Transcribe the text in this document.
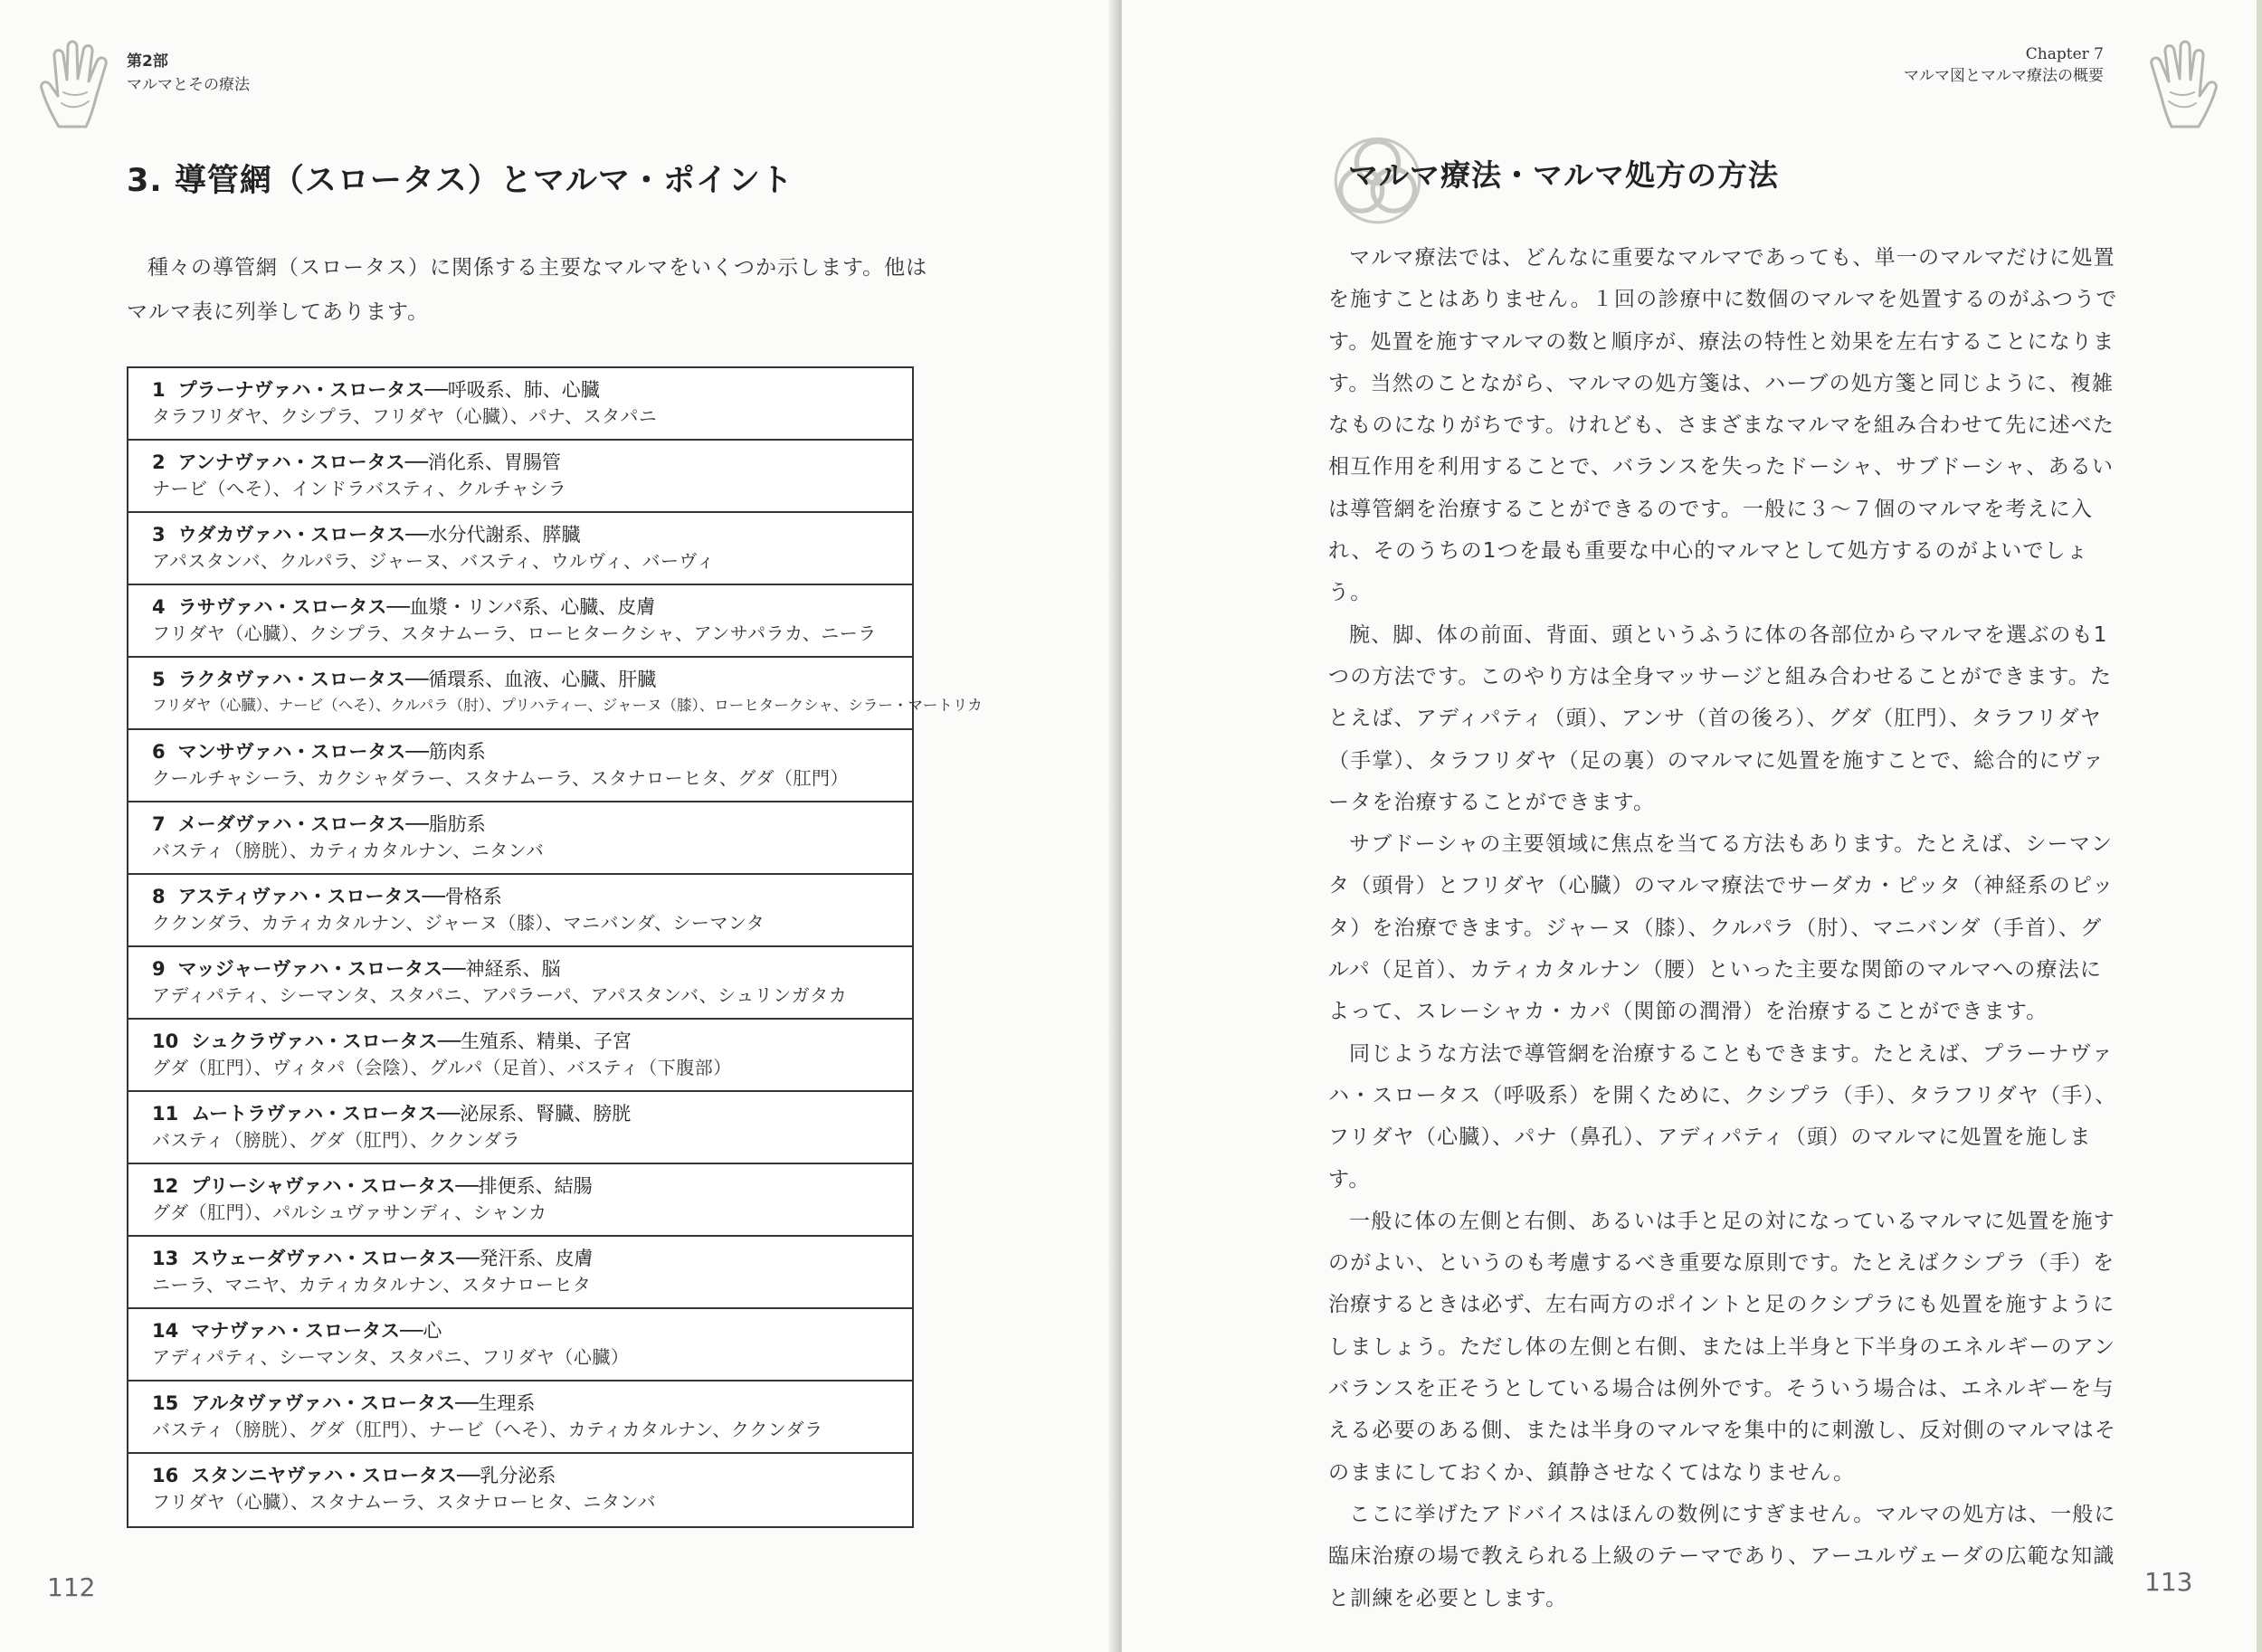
第2部
マルマとその療法
3. 導管網（スロータス）とマルマ・ポイント

種々の導管網（スロータス）に関係する主要なマルマをいくつか示します。他はマルマ表に列挙してあります。

1 プラーナヴァハ・スロータス──呼吸系、肺、心臓
タラフリダヤ、クシプラ、フリダヤ（心臓）、パナ、スタパニ
2 アンナヴァハ・スロータス──消化系、胃腸管
ナービ（へそ）、インドラバスティ、クルチャシラ
3 ウダカヴァハ・スロータス──水分代謝系、膵臓
アパスタンバ、クルパラ、ジャーヌ、バスティ、ウルヴィ、バーヴィ
4 ラサヴァハ・スロータス──血漿・リンパ系、心臓、皮膚
フリダヤ（心臓）、クシプラ、スタナムーラ、ローヒタークシャ、アンサパラカ、ニーラ
5 ラクタヴァハ・スロータス──循環系、血液、心臓、肝臓
フリダヤ（心臓）、ナービ（へそ）、クルパラ（肘）、プリハティー、ジャーヌ（膝）、ローヒタークシャ、シラー・マートリカ
6 マンサヴァハ・スロータス──筋肉系
クールチャシーラ、カクシャダラー、スタナムーラ、スタナローヒタ、グダ（肛門）
7 メーダヴァハ・スロータス──脂肪系
バスティ（膀胱）、カティカタルナン、ニタンバ
8 アスティヴァハ・スロータス──骨格系
ククンダラ、カティカタルナン、ジャーヌ（膝）、マニバンダ、シーマンタ
9 マッジャーヴァハ・スロータス──神経系、脳
アディパティ、シーマンタ、スタパニ、アパラーパ、アパスタンバ、シュリンガタカ
10 シュクラヴァハ・スロータス──生殖系、精巣、子宮
グダ（肛門）、ヴィタパ（会陰）、グルパ（足首）、バスティ（下腹部）
11 ムートラヴァハ・スロータス──泌尿系、腎臓、膀胱
バスティ（膀胱）、グダ（肛門）、ククンダラ
12 プリーシャヴァハ・スロータス──排便系、結腸
グダ（肛門）、パルシュヴァサンディ、シャンカ
13 スウェーダヴァハ・スロータス──発汗系、皮膚
ニーラ、マニヤ、カティカタルナン、スタナローヒタ
14 マナヴァハ・スロータス──心
アディパティ、シーマンタ、スタパニ、フリダヤ（心臓）
15 アルタヴァヴァハ・スロータス──生理系
バスティ（膀胱）、グダ（肛門）、ナービ（へそ）、カティカタルナン、ククンダラ
16 スタンニヤヴァハ・スロータス──乳分泌系
フリダヤ（心臓）、スタナムーラ、スタナローヒタ、ニタンバ
112
Chapter 7
マルマ図とマルマ療法の概要
マルマ療法・マルマ処方の方法

マルマ療法では、どんなに重要なマルマであっても、単一のマルマだけに処置を施すことはありません。１回の診療中に数個のマルマを処置するのがふつうです。処置を施すマルマの数と順序が、療法の特性と効果を左右することになります。当然のことながら、マルマの処方箋は、ハーブの処方箋と同じように、複雑なものになりがちです。けれども、さまざまなマルマを組み合わせて先に述べた相互作用を利用することで、バランスを失ったドーシャ、サブドーシャ、あるいは導管網を治療することができるのです。一般に３～７個のマルマを考えに入れ、そのうちの1つを最も重要な中心的マルマとして処方するのがよいでしょう。

腕、脚、体の前面、背面、頭というふうに体の各部位からマルマを選ぶのも1つの方法です。このやり方は全身マッサージと組み合わせることができます。たとえば、アディパティ（頭）、アンサ（首の後ろ）、グダ（肛門）、タラフリダヤ（手掌）、タラフリダヤ（足の裏）のマルマに処置を施すことで、総合的にヴァータを治療することができます。

サブドーシャの主要領域に焦点を当てる方法もあります。たとえば、シーマンタ（頭骨）とフリダヤ（心臓）のマルマ療法でサーダカ・ピッタ（神経系のピッタ）を治療できます。ジャーヌ（膝）、クルパラ（肘）、マニバンダ（手首）、グルパ（足首）、カティカタルナン（腰）といった主要な関節のマルマへの療法によって、スレーシャカ・カパ（関節の潤滑）を治療することができます。

同じような方法で導管網を治療することもできます。たとえば、プラーナヴァハ・スロータス（呼吸系）を開くために、クシプラ（手）、タラフリダヤ（手）、フリダヤ（心臓）、パナ（鼻孔）、アディパティ（頭）のマルマに処置を施します。

一般に体の左側と右側、あるいは手と足の対になっているマルマに処置を施すのがよい、というのも考慮するべき重要な原則です。たとえばクシプラ（手）を治療するときは必ず、左右両方のポイントと足のクシプラにも処置を施すようにしましょう。ただし体の左側と右側、または上半身と下半身のエネルギーのアンバランスを正そうとしている場合は例外です。そういう場合は、エネルギーを与える必要のある側、または半身のマルマを集中的に刺激し、反対側のマルマはそのままにしておくか、鎮静させなくてはなりません。

ここに挙げたアドバイスはほんの数例にすぎません。マルマの処方は、一般に臨床治療の場で教えられる上級のテーマであり、アーユルヴェーダの広範な知識と訓練を必要とします。

113
